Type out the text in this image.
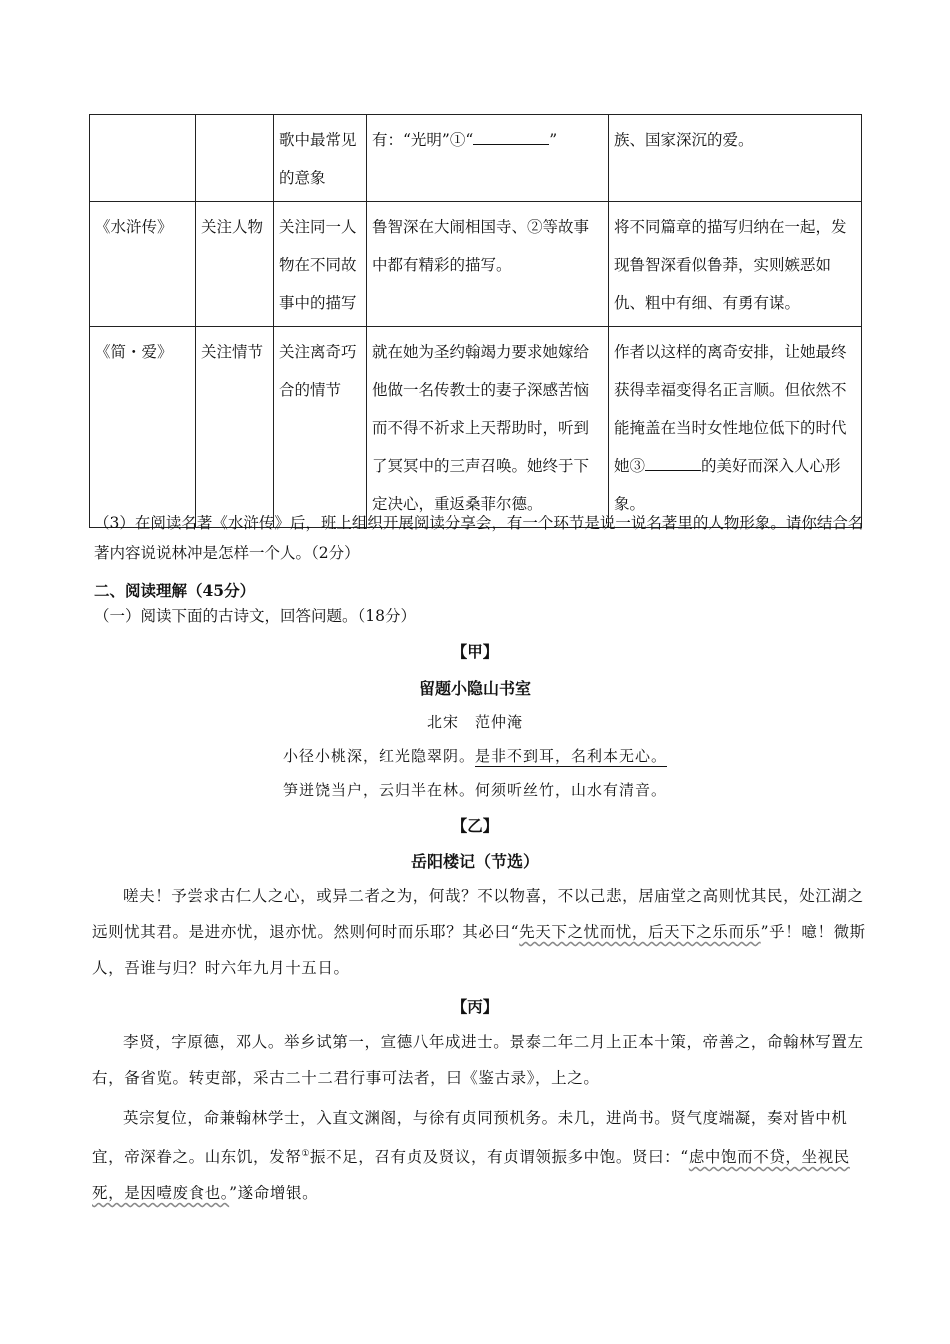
		歌中最常见的意象	有：“光明”①“ ”	族、国家深沉的爱。
《水浒传》	关注人物	关注同一人物在不同故事中的描写	鲁智深在大闹相国寺、②等故事中都有精彩的描写。	将不同篇章的描写归纳在一起，发现鲁智深看似鲁莽，实则嫉恶如仇、粗中有细、有勇有谋。
《简・爱》	关注情节	关注离奇巧合的情节	就在她为圣约翰竭力要求她嫁给他做一名传教士的妻子深感苦恼而不得不祈求上天帮助时，听到了冥冥中的三声召唤。她终于下定决心，重返桑菲尔德。	作者以这样的离奇安排，让她最终获得幸福变得名正言顺。但依然不能掩盖在当时女性地位低下的时代她③ 的美好而深入人心形象。
（3）在阅读名著《水浒传》后，班上组织开展阅读分享会，有一个环节是说一说名著里的人物形象。请你结合名著内容说说林冲是怎样一个人。（2分）
二、阅读理解（45分）
（一）阅读下面的古诗文，回答问题。（18分）
【甲】
留题小隐山书室
北宋　范仲淹
小径小桃深，红光隐翠阴。是非不到耳，名利本无心。
笋迸饶当户，云归半在林。何须听丝竹，山水有清音。
【乙】
岳阳楼记（节选）
嗟夫！予尝求古仁人之心，或异二者之为，何哉？不以物喜，不以己悲，居庙堂之高则忧其民，处江湖之远则忧其君。是进亦忧，退亦忧。然则何时而乐耶？其必曰“先天下之忧而忧，后天下之乐而乐”乎！噫！微斯人，吾谁与归？时六年九月十五日。
【丙】
李贤，字原德，邓人。举乡试第一，宣德八年成进士。景泰二年二月上正本十策，帝善之，命翰林写置左右，备省览。转吏部，采古二十二君行事可法者，曰《鉴古录》，上之。
英宗复位，命兼翰林学士，入直文渊阁，与徐有贞同预机务。未几，进尚书。贤气度端凝，奏对皆中机宜，帝深眷之。山东饥，发帑①振不足，召有贞及贤议，有贞谓领振多中饱。贤曰：“虑中饱而不贷，坐视民死，是因噎废食也。”遂命增银。
